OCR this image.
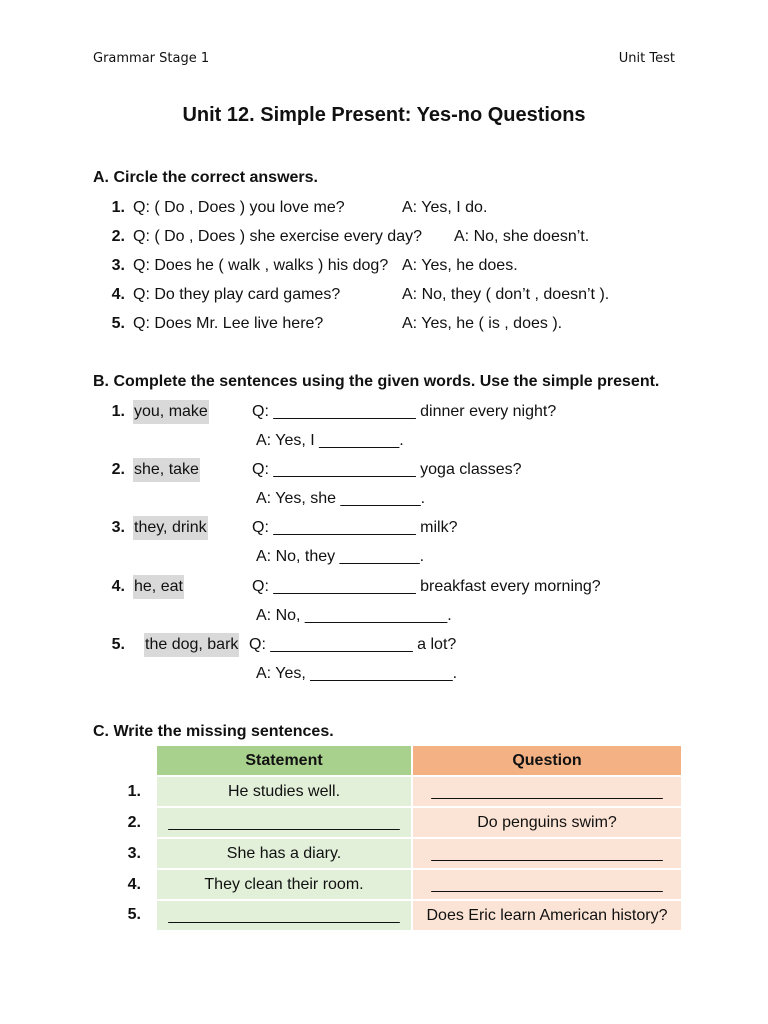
Grammar Stage 1	Unit Test
Unit 12. Simple Present: Yes-no Questions
A. Circle the correct answers.
1. Q: ( Do , Does ) you love me?	A: Yes, I do.
2. Q: ( Do , Does ) she exercise every day? A: No, she doesn’t.
3. Q: Does he ( walk , walks ) his dog? A: Yes, he does.
4. Q: Do they play card games?	A: No, they ( don’t , doesn’t ).
5. Q: Does Mr. Lee live here?	A: Yes, he ( is , does ).
B. Complete the sentences using the given words. Use the simple present.
1. you, make	Q: ________________ dinner every night?
A: Yes, I _________.
2. she, take	Q: ________________ yoga classes?
A: Yes, she _________.
3. they, drink	Q: ________________ milk?
A: No, they _________.
4. he, eat	Q: ________________ breakfast every morning?
A: No, ________________.
5. the dog, bark Q: ________________ a lot?
A: Yes, ________________.
C. Write the missing sentences.
	Statement	Question
1.	He studies well.	__________________________
2.	__________________________	Do penguins swim?
3.	She has a diary.	__________________________
4.	They clean their room.	__________________________
5.	__________________________	Does Eric learn American history?
